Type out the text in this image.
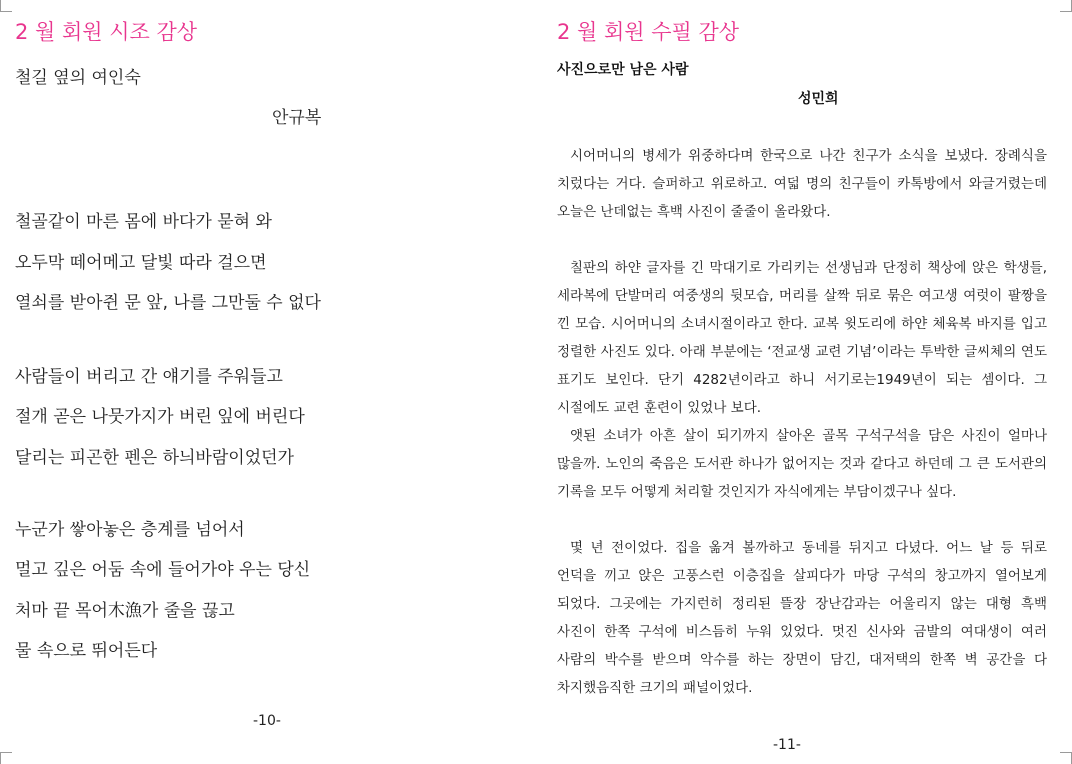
2 월 회원 시조 감상
철길 옆의 여인숙
안규복
철골같이 마른 몸에 바다가 묻혀 와
오두막 떼어메고 달빛 따라 걸으면
열쇠를 받아쥔 문 앞, 나를 그만둘 수 없다
사람들이 버리고 간 얘기를 주워들고
절개 곧은 나뭇가지가 버린 잎에 버린다
달리는 피곤한 펜은 하늬바람이었던가
누군가 쌓아놓은 층계를 넘어서
멀고 깊은 어둠 속에 들어가야 우는 당신
처마 끝 목어木漁가 줄을 끊고
물 속으로 뛰어든다
-10-
2 월 회원 수필 감상
사진으로만 남은 사람
성민희

시어머니의 병세가 위중하다며 한국으로 나간 친구가 소식을 보냈다. 장례식을 치렀다는 거다. 슬퍼하고 위로하고. 여덟 명의 친구들이 카톡방에서 와글거렸는데 오늘은 난데없는 흑백 사진이 줄줄이 올라왔다.

칠판의 하얀 글자를 긴 막대기로 가리키는 선생님과 단정히 책상에 앉은 학생들, 세라복에 단발머리 여중생의 뒷모습, 머리를 살짝 뒤로 묶은 여고생 여럿이 팔짱을 낀 모습. 시어머니의 소녀시절이라고 한다. 교복 윗도리에 하얀 체육복 바지를 입고 정렬한 사진도 있다. 아래 부분에는 ‘전교생 교련 기념’이라는 투박한 글씨체의 연도 표기도 보인다. 단기 4282년이라고 하니 서기로는1949년이 되는 셈이다. 그 시절에도 교련 훈련이 있었나 보다.

앳된 소녀가 아흔 살이 되기까지 살아온 골목 구석구석을 담은 사진이 얼마나 많을까. 노인의 죽음은 도서관 하나가 없어지는 것과 같다고 하던데 그 큰 도서관의 기록을 모두 어떻게 처리할 것인지가 자식에게는 부담이겠구나 싶다.

몇 년 전이었다. 집을 옮겨 볼까하고 동네를 뒤지고 다녔다. 어느 날 등 뒤로 언덕을 끼고 앉은 고풍스런 이층집을 살피다가 마당 구석의 창고까지 열어보게 되었다. 그곳에는 가지런히 정리된 뜰장 장난감과는 어울리지 않는 대형 흑백 사진이 한쪽 구석에 비스듬히 누워 있었다. 멋진 신사와 금발의 여대생이 여러 사람의 박수를 받으며 악수를 하는 장면이 담긴, 대저택의 한쪽 벽 공간을 다 차지했음직한 크기의 패널이었다.

-11-
